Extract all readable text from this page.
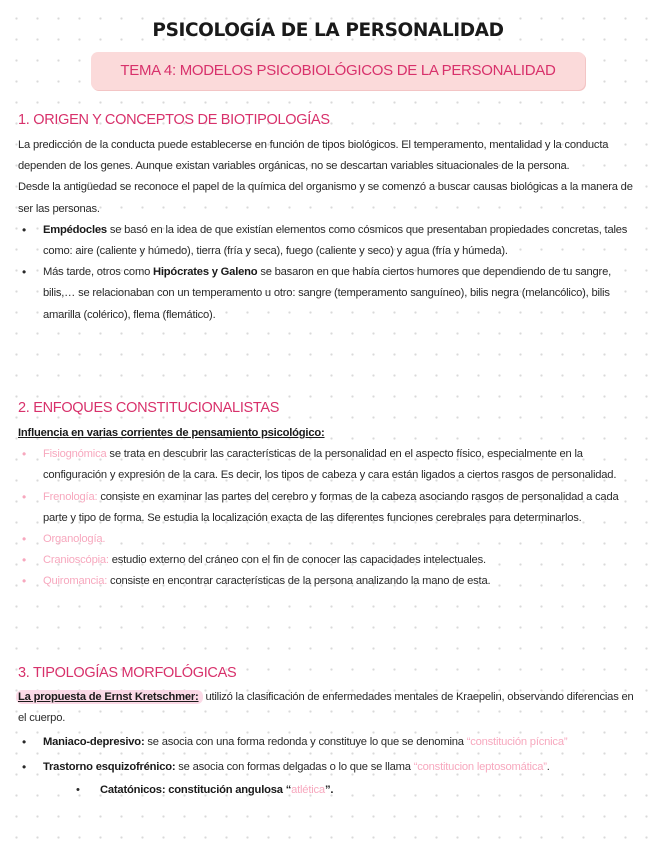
PSICOLOGÍA DE LA PERSONALIDAD
TEMA 4: MODELOS PSICOBIOLÓGICOS DE LA PERSONALIDAD
1. ORIGEN Y CONCEPTOS DE BIOTIPOLOGÍAS
La predicción de la conducta puede establecerse en función de tipos biológicos. El temperamento, mentalidad y la conducta dependen de los genes. Aunque existan variables orgánicas, no se descartan variables situacionales de la persona.
Desde la antigüedad se reconoce el papel de la química del organismo y se comenzó a buscar causas biológicas a la manera de ser las personas.
• Empédocles se basó en la idea de que existían elementos como cósmicos que presentaban propiedades concretas, tales como: aire (caliente y húmedo), tierra (fría y seca), fuego (caliente y seco) y agua (fría y húmeda).
• Más tarde, otros como Hipócrates y Galeno se basaron en que había ciertos humores que dependiendo de tu sangre, bilis,… se relacionaban con un temperamento u otro: sangre (temperamento sanguíneo), bilis negra (melancólico), bilis amarilla (colérico), flema (flemático).
2. ENFOQUES CONSTITUCIONALISTAS
Influencia en varias corrientes de pensamiento psicológico:
• Fisiognómica se trata en descubrir las características de la personalidad en el aspecto físico, especialmente en la configuración y expresión de la cara. Es decir, los tipos de cabeza y cara están ligados a ciertos rasgos de personalidad.
• Frenología: consiste en examinar las partes del cerebro y formas de la cabeza asociando rasgos de personalidad a cada parte y tipo de forma. Se estudia la localización exacta de las diferentes funciones cerebrales para determinarlos.
• Organología.
• Cranioscópia: estudio externo del cráneo con el fin de conocer las capacidades intelectuales.
• Quiromancia: consiste en encontrar características de la persona analizando la mano de esta.
3. TIPOLOGÍAS MORFOLÓGICAS
La propuesta de Ernst Kretschmer: utilizó la clasificación de enfermedades mentales de Kraepelin, observando diferencias en el cuerpo.
• Maniaco-depresivo: se asocia con una forma redonda y constituye lo que se denomina “constitución pícnica”
• Trastorno esquizofrénico: se asocia con formas delgadas o lo que se llama “constitucion leptosomática”.
• Catatónicos: constitución angulosa “atlética”.
